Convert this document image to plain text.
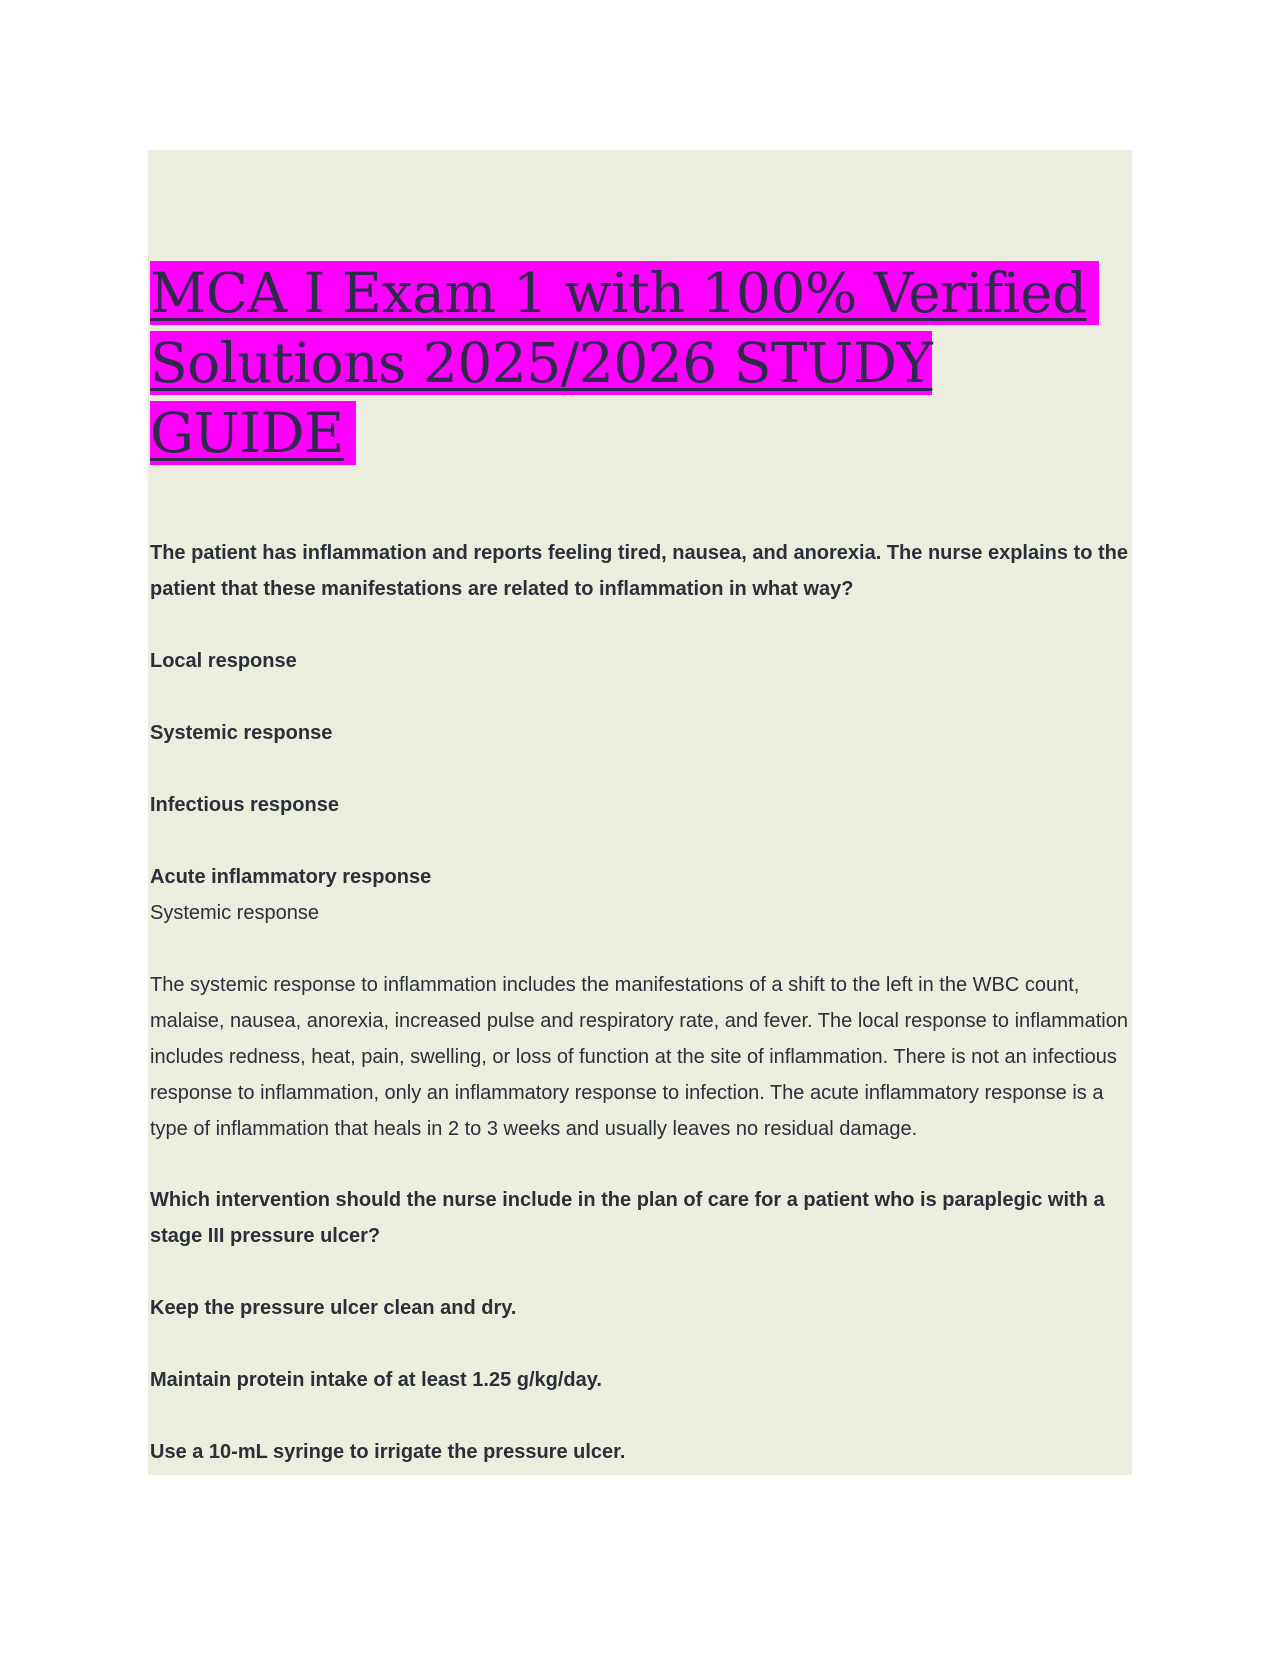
MCA I Exam 1 with 100% Verified
Solutions 2025/2026 STUDY GUIDE

The patient has inflammation and reports feeling tired, nausea, and anorexia. The nurse explains to the patient that these manifestations are related to inflammation in what way?

Local response

Systemic response

Infectious response

Acute inflammatory response

Systemic response

The systemic response to inflammation includes the manifestations of a shift to the left in the WBC count, malaise, nausea, anorexia, increased pulse and respiratory rate, and fever. The local response to inflammation includes redness, heat, pain, swelling, or loss of function at the site of inflammation. There is not an infectious response to inflammation, only an inflammatory response to infection. The acute inflammatory response is a type of inflammation that heals in 2 to 3 weeks and usually leaves no residual damage.

Which intervention should the nurse include in the plan of care for a patient who is paraplegic with a stage III pressure ulcer?

Keep the pressure ulcer clean and dry.

Maintain protein intake of at least 1.25 g/kg/day.

Use a 10-mL syringe to irrigate the pressure ulcer.
